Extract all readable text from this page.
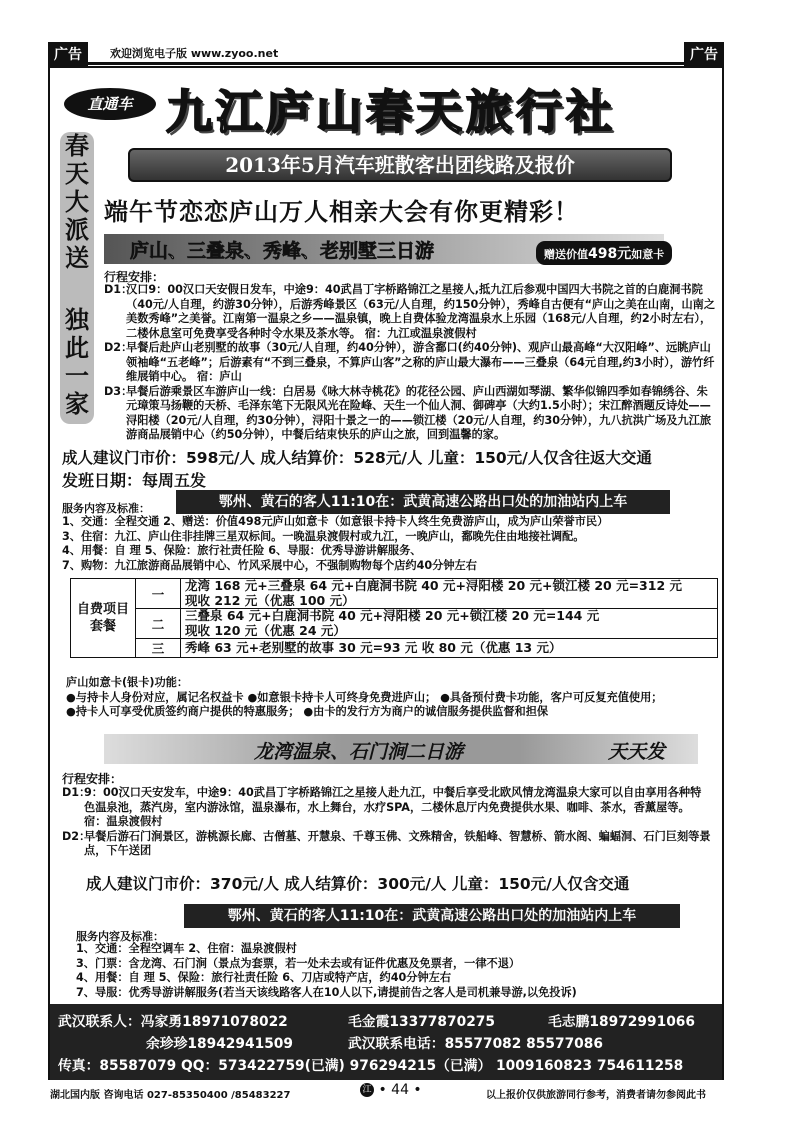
广告	欢迎浏览电子版 www.zyoo.net	广告
直通车 九江庐山春天旅行社
2013年5月汽车班散客出团线路及报价
端午节恋恋庐山万人相亲大会有你更精彩！
春
天
大
派
送
独
此
一
家
庐山、三叠泉、秀峰、老别墅三日游	赠送价值498元如意卡
行程安排：
D1：
汉口9：00汉口天安假日发车，中途9：40武昌丁字桥路锦江之星接人,抵九江后参观中国四大书院之首的白鹿洞书院（40元/人自理，约游30分钟），后游秀峰景区（63元/人自理，约150分钟），秀峰自古便有“庐山之美在山南，山南之美数秀峰”之美誉。江南第一温泉之乡——温泉镇，晚上自费体验龙湾温泉水上乐园（168元/人自理，约2小时左右），二楼休息室可免费享受各种时令水果及茶水等。 宿：九江或温泉渡假村
D2：
早餐后赴庐山老别墅的故事（30元/人自理，约40分钟），游含鄱口(约40分钟)、观庐山最高峰“大汉阳峰”、远眺庐山领袖峰“五老峰”；后游素有“不到三叠泉，不算庐山客”之称的庐山最大瀑布——三叠泉（64元自理,约3小时），游竹纤维展销中心。 宿：庐山
D3：
早餐后游乘景区车游庐山一线：白居易《咏大林寺桃花》的花径公园、庐山西湖如琴湖、繁华似锦四季如春锦绣谷、朱元璋策马扬鞭的天桥、毛泽东笔下无限风光在险峰、天生一个仙人洞、御碑亭（大约1.5小时）；宋江醉酒题反诗处——浔阳楼（20元/人自理，约30分钟），浔阳十景之一的——锁江楼（20元/人自理，约30分钟），九八抗洪广场及九江旅游商品展销中心（约50分钟），中餐后结束快乐的庐山之旅，回到温馨的家。
成人建议门市价：598元/人 成人结算价：528元/人 儿童：150元/人仅含往返大交通
发班日期：每周五发
服务内容及标准：	鄂州、黄石的客人11:10在：武黄高速公路出口处的加油站内上车
1、交通：全程交通 2、赠送：价值498元庐山如意卡（如意银卡持卡人终生免费游庐山，成为庐山荣誉市民）
3、住宿：九江、庐山住非挂牌三星双标间。一晚温泉渡假村或九江，一晚庐山，鄱晚先住由地接社调配。
4、用餐：自 理 5、保险：旅行社责任险 6、导服：优秀导游讲解服务、
7、购物：九江旅游商品展销中心、竹风采展中心，不强制购物每个店约40分钟左右
自费项目套餐	一	龙湾 168 元+三叠泉 64 元+白鹿洞书院 40 元+浔阳楼 20 元+锁江楼 20 元=312 元
现收 212 元（优惠 100 元）

	二	三叠泉 64 元+白鹿洞书院 40 元+浔阳楼 20 元+锁江楼 20 元=144 元
现收 120 元（优惠 24 元）

	三	秀峰 63 元+老别墅的故事 30 元=93 元 收 80 元（优惠 13 元）
庐山如意卡(银卡)功能：
●与持卡人身份对应，属记名权益卡 ●如意银卡持卡人可终身免费进庐山； ●具备预付费卡功能，客户可反复充值使用；
●持卡人可享受优质签约商户提供的特惠服务； ●由卡的发行方为商户的诚信服务提供监督和担保
龙湾温泉、石门涧二日游	天天发
行程安排：
D1：
9：00汉口天安发车，中途9：40武昌丁字桥路锦江之星接人赴九江，中餐后享受北欧风情龙湾温泉大家可以自由享用各种特色温泉池，蒸汽房，室内游泳馆，温泉瀑布，水上舞台，水疗SPA，二楼休息厅内免费提供水果、咖啡、茶水，香薰屋等。 宿：温泉渡假村
D2：
早餐后游石门涧景区，游桃源长廊、古僧墓、开慧泉、千尊玉佛、文殊精舍，铁船峰、智慧桥、箭水阁、蝙蝠洞、石门巨刻等景点，下午送团
成人建议门市价：370元/人 成人结算价：300元/人 儿童：150元/人仅含交通
鄂州、黄石的客人11:10在：武黄高速公路出口处的加油站内上车
服务内容及标准：
1、交通：全程空调车 2、住宿：温泉渡假村
3、门票：含龙湾、石门涧（景点为套票，若一处未去或有证件优惠及免票者，一律不退）
4、用餐：自 理 5、保险：旅行社责任险 6、刀店或特产店，约40分钟左右
7、导服：优秀导游讲解服务(若当天该线路客人在10人以下,请提前告之客人是司机兼导游,以免投诉)
武汉联系人：冯家勇18971078022	毛金霞13377870275	毛志鹏18972991066
余珍珍18942941509	武汉联系电话：85577082 85577086
传真：85587079 QQ：573422759(已满) 976294215（已满） 1009160823 754611258
湖北国内版 咨询电话 027-85350400 /85483227	江 • 44 •	以上报价仅供旅游同行参考，消费者请勿参阅此书
